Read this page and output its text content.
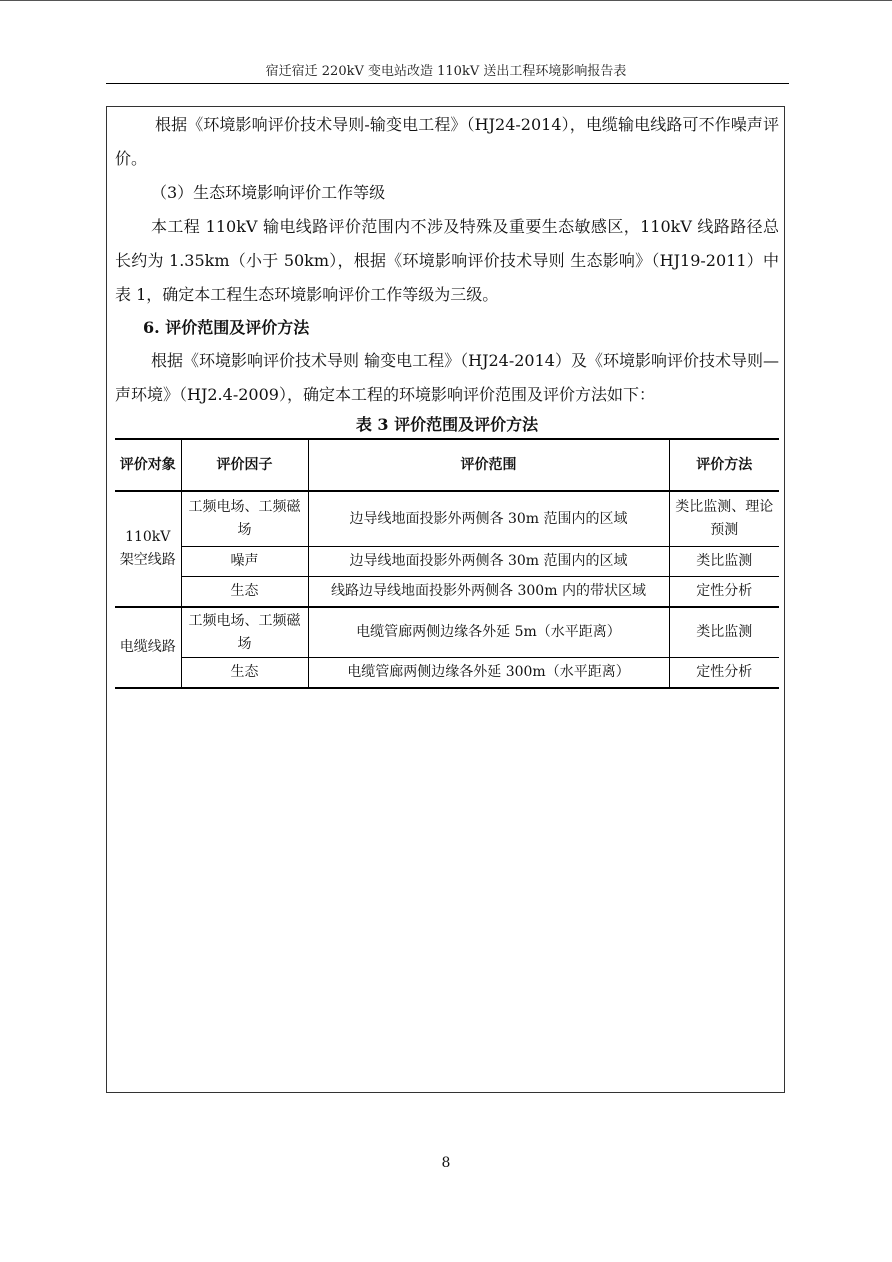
宿迁宿迁 220kV 变电站改造 110kV 送出工程环境影响报告表

根据《环境影响评价技术导则-输变电工程》（HJ24-2014），电缆输电线路可不作噪声评价。

（3）生态环境影响评价工作等级

本工程 110kV 输电线路评价范围内不涉及特殊及重要生态敏感区，110kV 线路路径总长约为 1.35km（小于 50km），根据《环境影响评价技术导则 生态影响》（HJ19-2011）中表 1，确定本工程生态环境影响评价工作等级为三级。

6. 评价范围及评价方法

根据《环境影响评价技术导则 输变电工程》（HJ24-2014）及《环境影响评价技术导则—声环境》（HJ2.4-2009），确定本工程的环境影响评价范围及评价方法如下：

表 3 评价范围及评价方法

评价对象	评价因子	评价范围	评价方法
110kV 架空线路	工频电场、工频磁场	边导线地面投影外两侧各 30m 范围内的区域	类比监测、理论预测
	噪声	边导线地面投影外两侧各 30m 范围内的区域	类比监测
	生态	线路边导线地面投影外两侧各 300m 内的带状区域	定性分析
电缆线路	工频电场、工频磁场	电缆管廊两侧边缘各外延 5m（水平距离）	类比监测
	生态	电缆管廊两侧边缘各外延 300m（水平距离）	定性分析
8
